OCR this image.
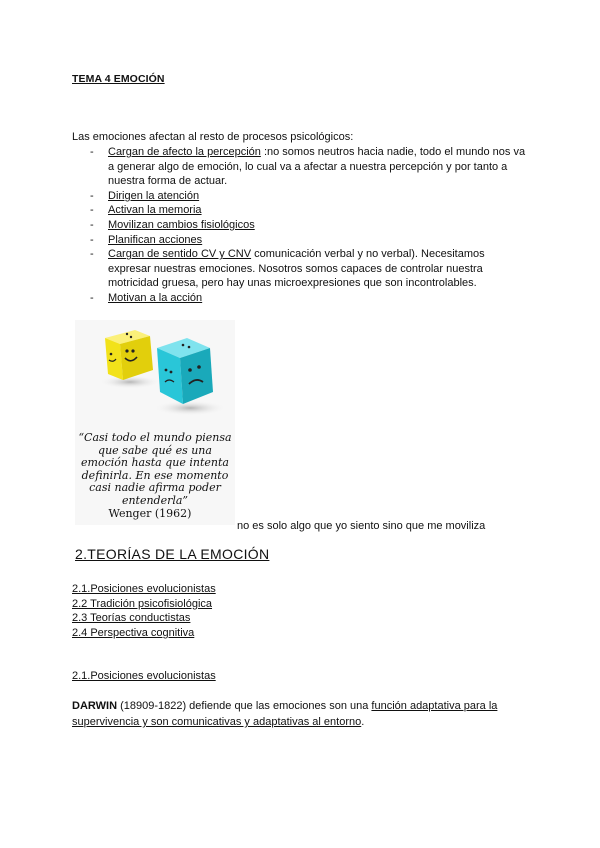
TEMA 4 EMOCIÓN
Las emociones afectan al resto de procesos psicológicos:
- Cargan de afecto la percepción :no somos neutros hacia nadie, todo el mundo nos va a generar algo de emoción, lo cual va a afectar a nuestra percepción y por tanto a nuestra forma de actuar.
- Dirigen la atención
- Activan la memoria
- Movilizan cambios fisiológicos
- Planifican acciones
- Cargan de sentido CV y CNV comunicación verbal y no verbal). Necesitamos expresar nuestras emociones. Nosotros somos capaces de controlar nuestra motricidad gruesa, pero hay unas microexpresiones que son incontrolables.
- Motivan a la acción
“Casi todo el mundo piensa
que sabe qué es una
emoción hasta que intenta
definirla. En ese momento
casi nadie afirma poder
entenderla”
Wenger (1962)
no es solo algo que yo siento sino que me moviliza
2.TEORÍAS DE LA EMOCIÓN
2.1.Posiciones evolucionistas
2.2 Tradición psicofisiológica
2.3 Teorías conductistas
2.4 Perspectiva cognitiva
2.1.Posiciones evolucionistas
DARWIN (18909-1822) defiende que las emociones son una función adaptativa para la supervivencia y son comunicativas y adaptativas al entorno.
